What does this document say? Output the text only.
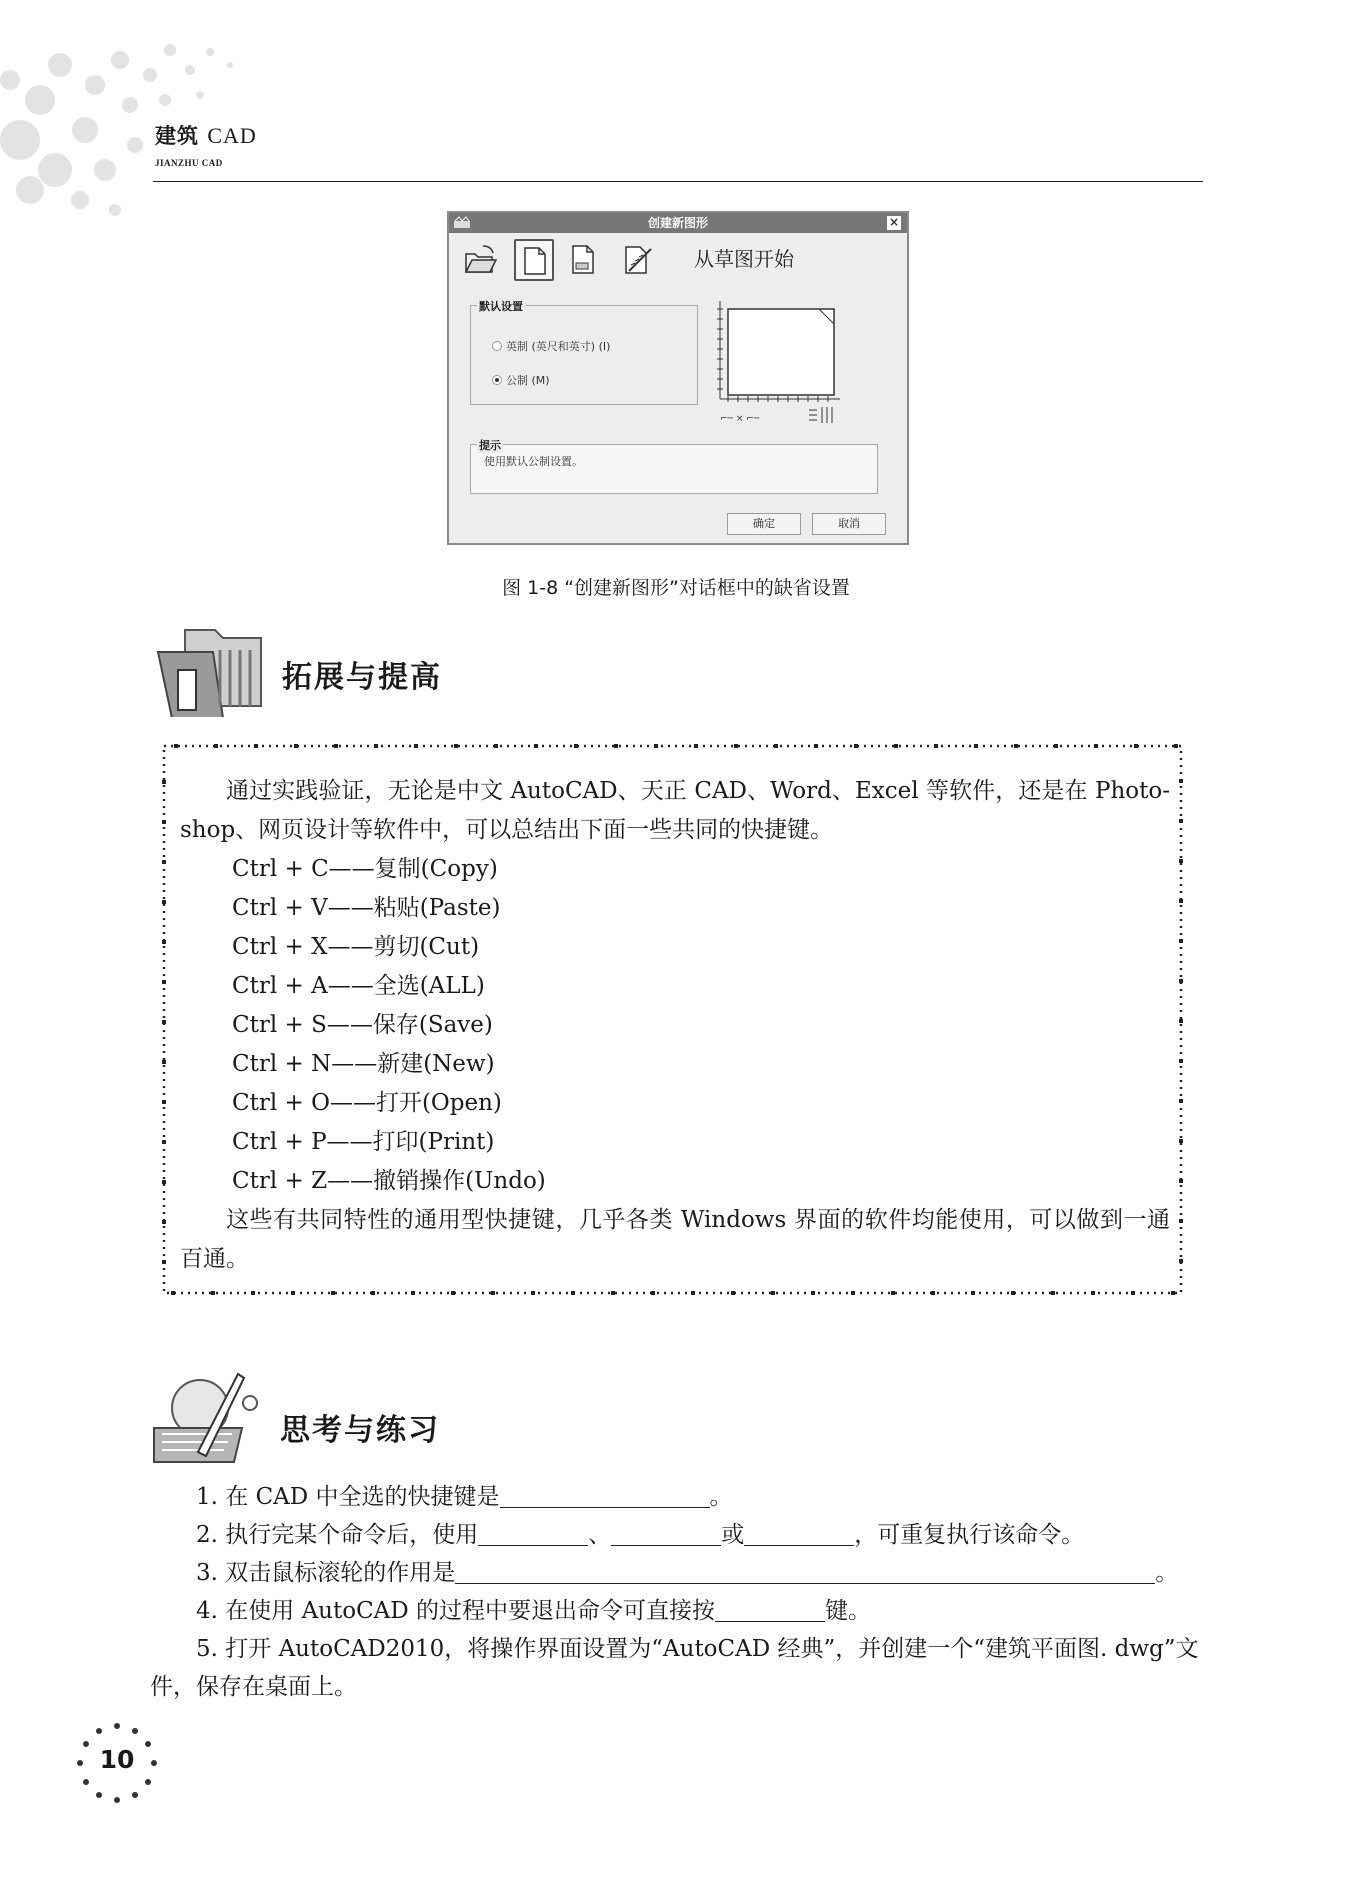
建筑 CAD
JIANZHU CAD
创建新图形	×
从草图开始
默认设置
英制 (英尺和英寸) (I)
公制 (M)
⌐─ × ⌐─
提示
使用默认公制设置。
确定	取消
图 1-8 “创建新图形”对话框中的缺省设置
拓展与提高

通过实践验证，无论是中文 AutoCAD、天正 CAD、Word、Excel 等软件，还是在 Photo-shop、网页设计等软件中，可以总结出下面一些共同的快捷键。

Ctrl + C——复制(Copy)
Ctrl + V——粘贴(Paste)
Ctrl + X——剪切(Cut)
Ctrl + A——全选(ALL)
Ctrl + S——保存(Save)
Ctrl + N——新建(New)
Ctrl + O——打开(Open)
Ctrl + P——打印(Print)
Ctrl + Z——撤销操作(Undo)

这些有共同特性的通用型快捷键，几乎各类 Windows 界面的软件均能使用，可以做到一通百通。

思考与练习

1. 在 CAD 中全选的快捷键是	。

2. 执行完某个命令后，使用	、	或	，可重复执行该命令。

3. 双击鼠标滚轮的作用是	。

4. 在使用 AutoCAD 的过程中要退出命令可直接按	键。

5. 打开 AutoCAD2010，将操作界面设置为“AutoCAD 经典”，并创建一个“建筑平面图. dwg”文件，保存在桌面上。

10
